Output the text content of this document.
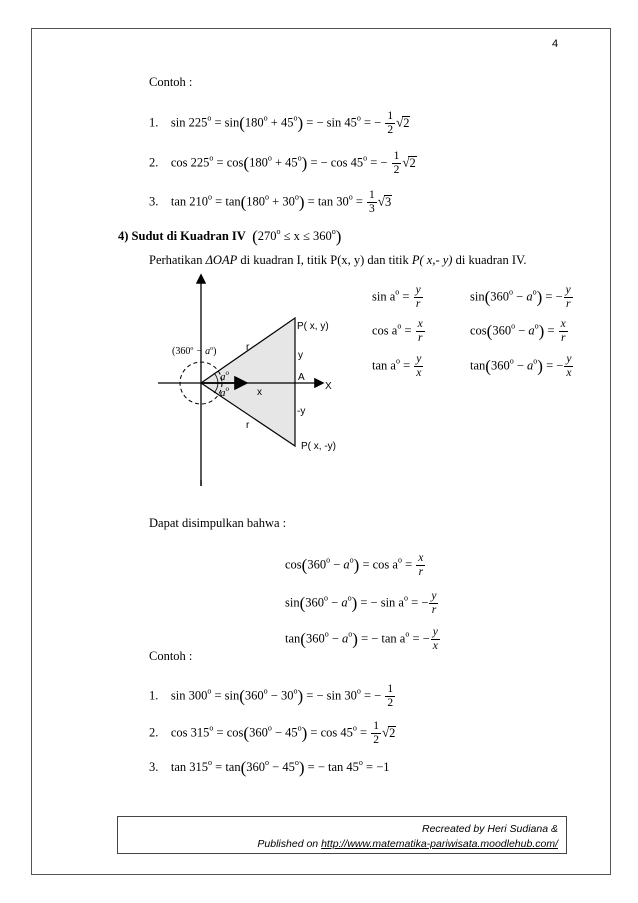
4
Contoh :
1. $\sin 225^o = \sin(180^o + 45^o)$ = − $\sin 45^o$ = − $\frac{1}{2} √2$
2. $\cos 225^o = \cos(180^o + 45^o)$ = − $\cos 45^o$ = − $\frac{1}{2} √2$
3. $\tan 210^o = \tan(180^o + 30^o) = \tan 30^o = \frac{1}{3} √3$
4) Sudut di Kuadran IV $(270^o \le x \le 360^o)$
Perhatikan ΔOAP di kuadran I, titik P(x, y) dan titik P( x,- y) di kuadran IV.
P( x, y)
P( x, -y)
y
-y
A
X
x
r
r
$a^o$
$a^o$
$(360^o - a^o)$
$\sin a^o = \frac{y}{r}$
$\cos a^o = \frac{x}{r}$
$\tan a^o = \frac{y}{x}$
$\sin(360^o - a^o)$ = − $\frac{y}{r}$
$\cos(360^o - a^o) = \frac{x}{r}$
$\tan(360^o - a^o)$ = − $\frac{y}{x}$
Dapat disimpulkan bahwa :
$\cos(360^o - a^o) = \cos a^o = \frac{x}{r}$
$\sin(360^o - a^o)$ = − $\sin a^o$ = − $\frac{y}{r}$
$\tan(360^o - a^o)$ = − $\tan a^o$ = − $\frac{y}{x}$
Contoh :
1. $\sin 300^o = \sin(360^o - 30^o)$ = − $\sin 30^o$ = − $\frac{1}{2}$
2. $\cos 315^o = \cos(360^o - 45^o) = \cos 45^o = \frac{1}{2} √2$
3. $\tan 315^o = \tan(360^o - 45^o)$ = − $\tan 45^o = -1$
Recreated by Heri Sudiana &
Published on http://www.matematika-pariwisata.moodlehub.com/
